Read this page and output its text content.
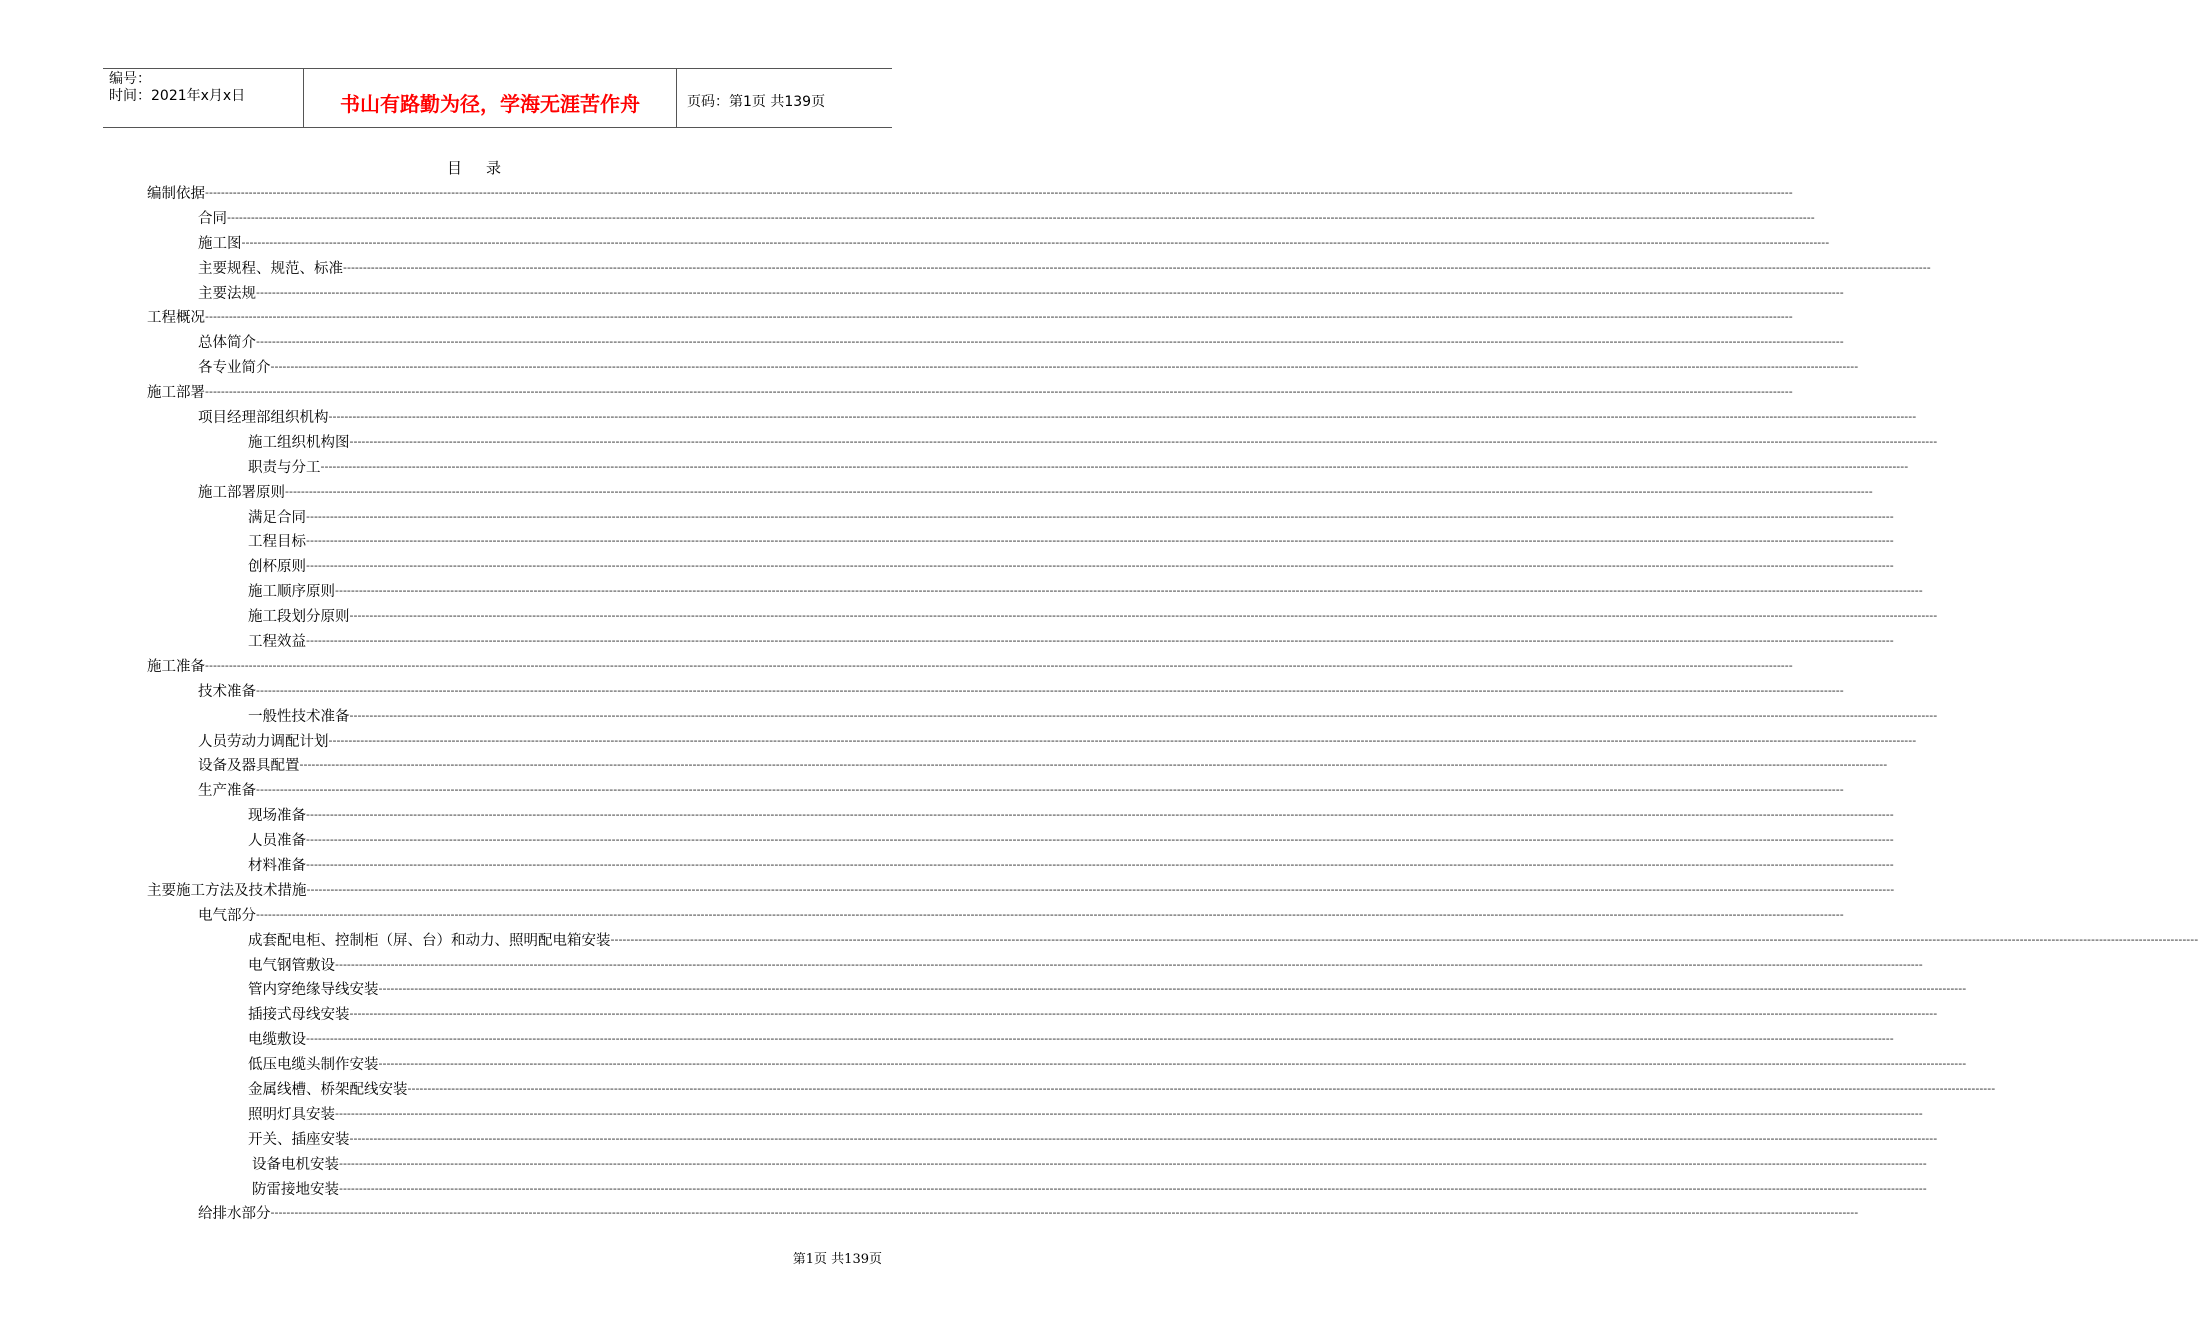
编号：
时间：2021年x月x日	书山有路勤为径，学海无涯苦作舟	页码：第1页 共139页
目 录
编制依据 ----------------------------------------------------------------------------------------------------------------------------------------------------------------------------------------------------------------------------------------------------------------------------------------------------------------------------------------------------------------------------------------------------------------
合同 ----------------------------------------------------------------------------------------------------------------------------------------------------------------------------------------------------------------------------------------------------------------------------------------------------------------------------------------------------------------------------------------------------------------
施工图 ----------------------------------------------------------------------------------------------------------------------------------------------------------------------------------------------------------------------------------------------------------------------------------------------------------------------------------------------------------------------------------------------------------------
主要规程、规范、标准 ----------------------------------------------------------------------------------------------------------------------------------------------------------------------------------------------------------------------------------------------------------------------------------------------------------------------------------------------------------------------------------------------------------------
主要法规 ----------------------------------------------------------------------------------------------------------------------------------------------------------------------------------------------------------------------------------------------------------------------------------------------------------------------------------------------------------------------------------------------------------------
工程概况 ----------------------------------------------------------------------------------------------------------------------------------------------------------------------------------------------------------------------------------------------------------------------------------------------------------------------------------------------------------------------------------------------------------------
总体简介 ----------------------------------------------------------------------------------------------------------------------------------------------------------------------------------------------------------------------------------------------------------------------------------------------------------------------------------------------------------------------------------------------------------------
各专业简介 ----------------------------------------------------------------------------------------------------------------------------------------------------------------------------------------------------------------------------------------------------------------------------------------------------------------------------------------------------------------------------------------------------------------
施工部署 ----------------------------------------------------------------------------------------------------------------------------------------------------------------------------------------------------------------------------------------------------------------------------------------------------------------------------------------------------------------------------------------------------------------
项目经理部组织机构 ----------------------------------------------------------------------------------------------------------------------------------------------------------------------------------------------------------------------------------------------------------------------------------------------------------------------------------------------------------------------------------------------------------------
施工组织机构图 ----------------------------------------------------------------------------------------------------------------------------------------------------------------------------------------------------------------------------------------------------------------------------------------------------------------------------------------------------------------------------------------------------------------
职责与分工 ----------------------------------------------------------------------------------------------------------------------------------------------------------------------------------------------------------------------------------------------------------------------------------------------------------------------------------------------------------------------------------------------------------------
施工部署原则 ----------------------------------------------------------------------------------------------------------------------------------------------------------------------------------------------------------------------------------------------------------------------------------------------------------------------------------------------------------------------------------------------------------------
满足合同 ----------------------------------------------------------------------------------------------------------------------------------------------------------------------------------------------------------------------------------------------------------------------------------------------------------------------------------------------------------------------------------------------------------------
工程目标 ----------------------------------------------------------------------------------------------------------------------------------------------------------------------------------------------------------------------------------------------------------------------------------------------------------------------------------------------------------------------------------------------------------------
创杯原则 ----------------------------------------------------------------------------------------------------------------------------------------------------------------------------------------------------------------------------------------------------------------------------------------------------------------------------------------------------------------------------------------------------------------
施工顺序原则 ----------------------------------------------------------------------------------------------------------------------------------------------------------------------------------------------------------------------------------------------------------------------------------------------------------------------------------------------------------------------------------------------------------------
施工段划分原则 ----------------------------------------------------------------------------------------------------------------------------------------------------------------------------------------------------------------------------------------------------------------------------------------------------------------------------------------------------------------------------------------------------------------
工程效益 ----------------------------------------------------------------------------------------------------------------------------------------------------------------------------------------------------------------------------------------------------------------------------------------------------------------------------------------------------------------------------------------------------------------
施工准备 ----------------------------------------------------------------------------------------------------------------------------------------------------------------------------------------------------------------------------------------------------------------------------------------------------------------------------------------------------------------------------------------------------------------
技术准备 ----------------------------------------------------------------------------------------------------------------------------------------------------------------------------------------------------------------------------------------------------------------------------------------------------------------------------------------------------------------------------------------------------------------
一般性技术准备 ----------------------------------------------------------------------------------------------------------------------------------------------------------------------------------------------------------------------------------------------------------------------------------------------------------------------------------------------------------------------------------------------------------------
人员劳动力调配计划 ----------------------------------------------------------------------------------------------------------------------------------------------------------------------------------------------------------------------------------------------------------------------------------------------------------------------------------------------------------------------------------------------------------------
设备及器具配置 ----------------------------------------------------------------------------------------------------------------------------------------------------------------------------------------------------------------------------------------------------------------------------------------------------------------------------------------------------------------------------------------------------------------
生产准备 ----------------------------------------------------------------------------------------------------------------------------------------------------------------------------------------------------------------------------------------------------------------------------------------------------------------------------------------------------------------------------------------------------------------
现场准备 ----------------------------------------------------------------------------------------------------------------------------------------------------------------------------------------------------------------------------------------------------------------------------------------------------------------------------------------------------------------------------------------------------------------
人员准备 ----------------------------------------------------------------------------------------------------------------------------------------------------------------------------------------------------------------------------------------------------------------------------------------------------------------------------------------------------------------------------------------------------------------
材料准备 ----------------------------------------------------------------------------------------------------------------------------------------------------------------------------------------------------------------------------------------------------------------------------------------------------------------------------------------------------------------------------------------------------------------
主要施工方法及技术措施 ----------------------------------------------------------------------------------------------------------------------------------------------------------------------------------------------------------------------------------------------------------------------------------------------------------------------------------------------------------------------------------------------------------------
电气部分 ----------------------------------------------------------------------------------------------------------------------------------------------------------------------------------------------------------------------------------------------------------------------------------------------------------------------------------------------------------------------------------------------------------------
成套配电柜、控制柜（屏、台）和动力、照明配电箱安装 ----------------------------------------------------------------------------------------------------------------------------------------------------------------------------------------------------------------------------------------------------------------------------------------------------------------------------------------------------------------------------------------------------------------
电气钢管敷设 ----------------------------------------------------------------------------------------------------------------------------------------------------------------------------------------------------------------------------------------------------------------------------------------------------------------------------------------------------------------------------------------------------------------
管内穿绝缘导线安装 ----------------------------------------------------------------------------------------------------------------------------------------------------------------------------------------------------------------------------------------------------------------------------------------------------------------------------------------------------------------------------------------------------------------
插接式母线安装 ----------------------------------------------------------------------------------------------------------------------------------------------------------------------------------------------------------------------------------------------------------------------------------------------------------------------------------------------------------------------------------------------------------------
电缆敷设 ----------------------------------------------------------------------------------------------------------------------------------------------------------------------------------------------------------------------------------------------------------------------------------------------------------------------------------------------------------------------------------------------------------------
低压电缆头制作安装 ----------------------------------------------------------------------------------------------------------------------------------------------------------------------------------------------------------------------------------------------------------------------------------------------------------------------------------------------------------------------------------------------------------------
金属线槽、桥架配线安装 ----------------------------------------------------------------------------------------------------------------------------------------------------------------------------------------------------------------------------------------------------------------------------------------------------------------------------------------------------------------------------------------------------------------
照明灯具安装 ----------------------------------------------------------------------------------------------------------------------------------------------------------------------------------------------------------------------------------------------------------------------------------------------------------------------------------------------------------------------------------------------------------------
开关、插座安装 ----------------------------------------------------------------------------------------------------------------------------------------------------------------------------------------------------------------------------------------------------------------------------------------------------------------------------------------------------------------------------------------------------------------
设备电机安装 ----------------------------------------------------------------------------------------------------------------------------------------------------------------------------------------------------------------------------------------------------------------------------------------------------------------------------------------------------------------------------------------------------------------
防雷接地安装 ----------------------------------------------------------------------------------------------------------------------------------------------------------------------------------------------------------------------------------------------------------------------------------------------------------------------------------------------------------------------------------------------------------------
给排水部分 ----------------------------------------------------------------------------------------------------------------------------------------------------------------------------------------------------------------------------------------------------------------------------------------------------------------------------------------------------------------------------------------------------------------
第1页 共139页
